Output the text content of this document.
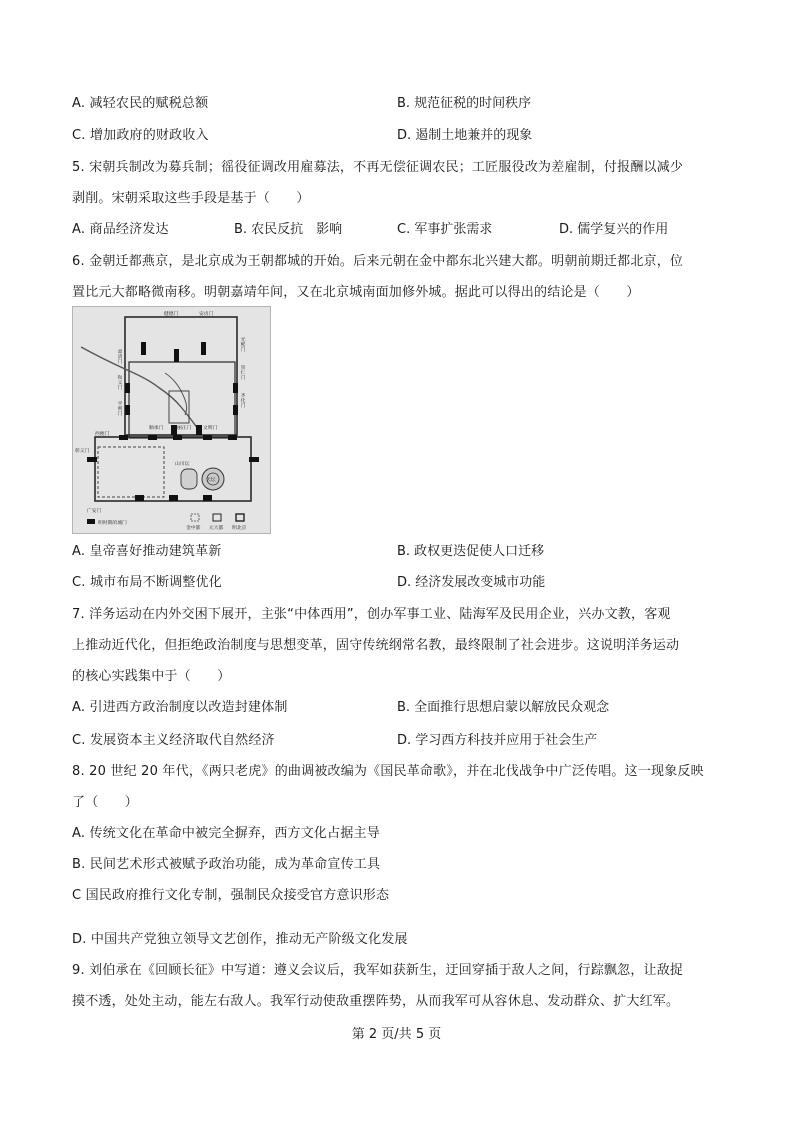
A. 减轻农民的赋税总额	B. 规范征税的时间秩序
C. 增加政府的财政收入	D. 遏制土地兼并的现象
5. 宋朝兵制改为募兵制；徭役征调改用雇募法，不再无偿征调农民；工匠服役改为差雇制，付报酬以减少
剥削。宋朝采取这些手段是基于（　　）
A. 商品经济发达	B. 农民反抗　影响	C. 军事扩张需求	D. 儒学复兴的作用
6. 金朝迁都燕京，是北京成为王朝都城的开始。后来元朝在金中都东北兴建大都。明朝前期迁都北京，位
置比元大都略微南移。明朝嘉靖年间，又在北京城南面加修外城。据此可以得出的结论是（　　）
健德门	安贞门
肃清门
和义门
平则门
光熙门
崇仁门
齐化门
顺承门	丽正门 文明门
西便门
彰义门
广安门
山川坛
天坛
明时期的城门
金中都 元大都 明北京
A. 皇帝喜好推动建筑革新	B. 政权更迭促使人口迁移
C. 城市布局不断调整优化	D. 经济发展改变城市功能
7. 洋务运动在内外交困下展开，主张“中体西用”，创办军事工业、陆海军及民用企业，兴办文教，客观
上推动近代化，但拒绝政治制度与思想变革，固守传统纲常名教，最终限制了社会进步。这说明洋务运动
的核心实践集中于（　　）
A. 引进西方政治制度以改造封建体制	B. 全面推行思想启蒙以解放民众观念
C. 发展资本主义经济取代自然经济	D. 学习西方科技并应用于社会生产
8. 20 世纪 20 年代，《两只老虎》的曲调被改编为《国民革命歌》，并在北伐战争中广泛传唱。这一现象反映
了（　　）
A. 传统文化在革命中被完全摒弃，西方文化占据主导
B. 民间艺术形式被赋予政治功能，成为革命宣传工具
C 国民政府推行文化专制，强制民众接受官方意识形态
D. 中国共产党独立领导文艺创作，推动无产阶级文化发展
9. 刘伯承在《回顾长征》中写道：遵义会议后，我军如获新生，迂回穿插于敌人之间，行踪飘忽，让敌捉
摸不透，处处主动，能左右敌人。我军行动使敌重摆阵势，从而我军可从容休息、发动群众、扩大红军。
第 2 页/共 5 页
